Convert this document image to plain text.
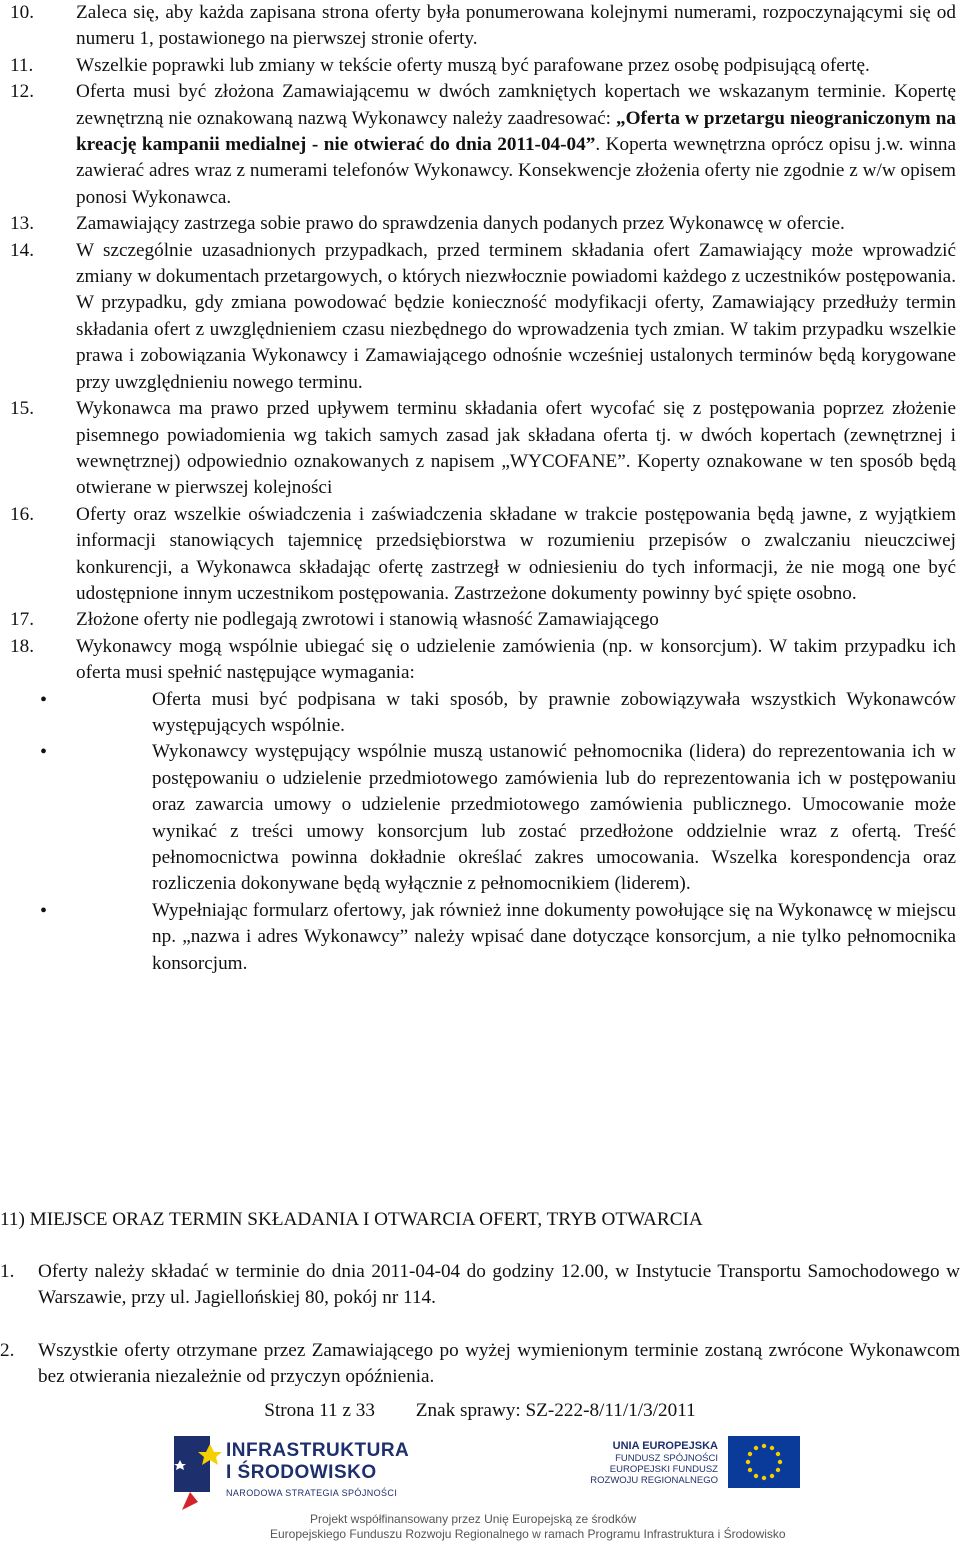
10.	Zaleca się, aby każda zapisana strona oferty była ponumerowana kolejnymi numerami, rozpoczynającymi się od numeru 1, postawionego na pierwszej stronie oferty.
11.	Wszelkie poprawki lub zmiany w tekście oferty muszą być parafowane przez osobę podpisującą ofertę.
12.	Oferta musi być złożona Zamawiającemu w dwóch zamkniętych kopertach we wskazanym terminie. Kopertę zewnętrzną nie oznakowaną nazwą Wykonawcy należy zaadresować: „Oferta w przetargu nieograniczonym na kreację kampanii medialnej - nie otwierać do dnia 2011-04-04”. Koperta wewnętrzna oprócz opisu j.w. winna zawierać adres wraz z numerami telefonów Wykonawcy. Konsekwencje złożenia oferty nie zgodnie z w/w opisem ponosi Wykonawca.
13.	Zamawiający zastrzega sobie prawo do sprawdzenia danych podanych przez Wykonawcę w ofercie.
14.	W szczególnie uzasadnionych przypadkach, przed terminem składania ofert Zamawiający może wprowadzić zmiany w dokumentach przetargowych, o których niezwłocznie powiadomi każdego z uczestników postępowania. W przypadku, gdy zmiana powodować będzie konieczność modyfikacji oferty, Zamawiający przedłuży termin składania ofert z uwzględnieniem czasu niezbędnego do wprowadzenia tych zmian. W takim przypadku wszelkie prawa i zobowiązania Wykonawcy i Zamawiającego odnośnie wcześniej ustalonych terminów będą korygowane przy uwzględnieniu nowego terminu.
15.	Wykonawca ma prawo przed upływem terminu składania ofert wycofać się z postępowania poprzez złożenie pisemnego powiadomienia wg takich samych zasad jak składana oferta tj. w dwóch kopertach (zewnętrznej i wewnętrznej) odpowiednio oznakowanych z napisem „WYCOFANE”. Koperty oznakowane w ten sposób będą otwierane w pierwszej kolejności
16.	Oferty oraz wszelkie oświadczenia i zaświadczenia składane w trakcie postępowania będą jawne, z wyjątkiem informacji stanowiących tajemnicę przedsiębiorstwa w rozumieniu przepisów o zwalczaniu nieuczciwej konkurencji, a Wykonawca składając ofertę zastrzegł w odniesieniu do tych informacji, że nie mogą one być udostępnione innym uczestnikom postępowania. Zastrzeżone dokumenty powinny być spięte osobno.
17.	Złożone oferty nie podlegają zwrotowi i stanowią własność Zamawiającego
18.	Wykonawcy mogą wspólnie ubiegać się o udzielenie zamówienia (np. w konsorcjum). W takim przypadku ich oferta musi spełnić następujące wymagania:
• Oferta musi być podpisana w taki sposób, by prawnie zobowiązywała wszystkich Wykonawców występujących wspólnie.
• Wykonawcy występujący wspólnie muszą ustanowić pełnomocnika (lidera) do reprezentowania ich w postępowaniu o udzielenie przedmiotowego zamówienia lub do reprezentowania ich w postępowaniu oraz zawarcia umowy o udzielenie przedmiotowego zamówienia publicznego. Umocowanie może wynikać z treści umowy konsorcjum lub zostać przedłożone oddzielnie wraz z ofertą. Treść pełnomocnictwa powinna dokładnie określać zakres umocowania. Wszelka korespondencja oraz rozliczenia dokonywane będą wyłącznie z pełnomocnikiem (liderem).
• Wypełniając formularz ofertowy, jak również inne dokumenty powołujące się na Wykonawcę w miejscu np. „nazwa i adres Wykonawcy” należy wpisać dane dotyczące konsorcjum, a nie tylko pełnomocnika konsorcjum.
11) MIEJSCE ORAZ TERMIN SKŁADANIA I OTWARCIA OFERT, TRYB OTWARCIA
1.	Oferty należy składać w terminie do dnia 2011-04-04 do godziny 12.00, w Instytucie Transportu Samochodowego w Warszawie, przy ul. Jagiellońskiej 80, pokój nr 114.
2.	Wszystkie oferty otrzymane przez Zamawiającego po wyżej wymienionym terminie zostaną zwrócone Wykonawcom bez otwierania niezależnie od przyczyn opóźnienia.
Strona 11 z 33 Znak sprawy: SZ-222-8/11/1/3/2011
INFRASTRUKTURA
I ŚRODOWISKO
NARODOWA STRATEGIA SPÓJNOŚCI
UNIA EUROPEJSKA
FUNDUSZ SPÓJNOŚCI
EUROPEJSKI FUNDUSZ ROZWOJU REGIONALNEGO
Projekt współfinansowany przez Unię Europejską ze środków
Europejskiego Funduszu Rozwoju Regionalnego w ramach Programu Infrastruktura i Środowisko
